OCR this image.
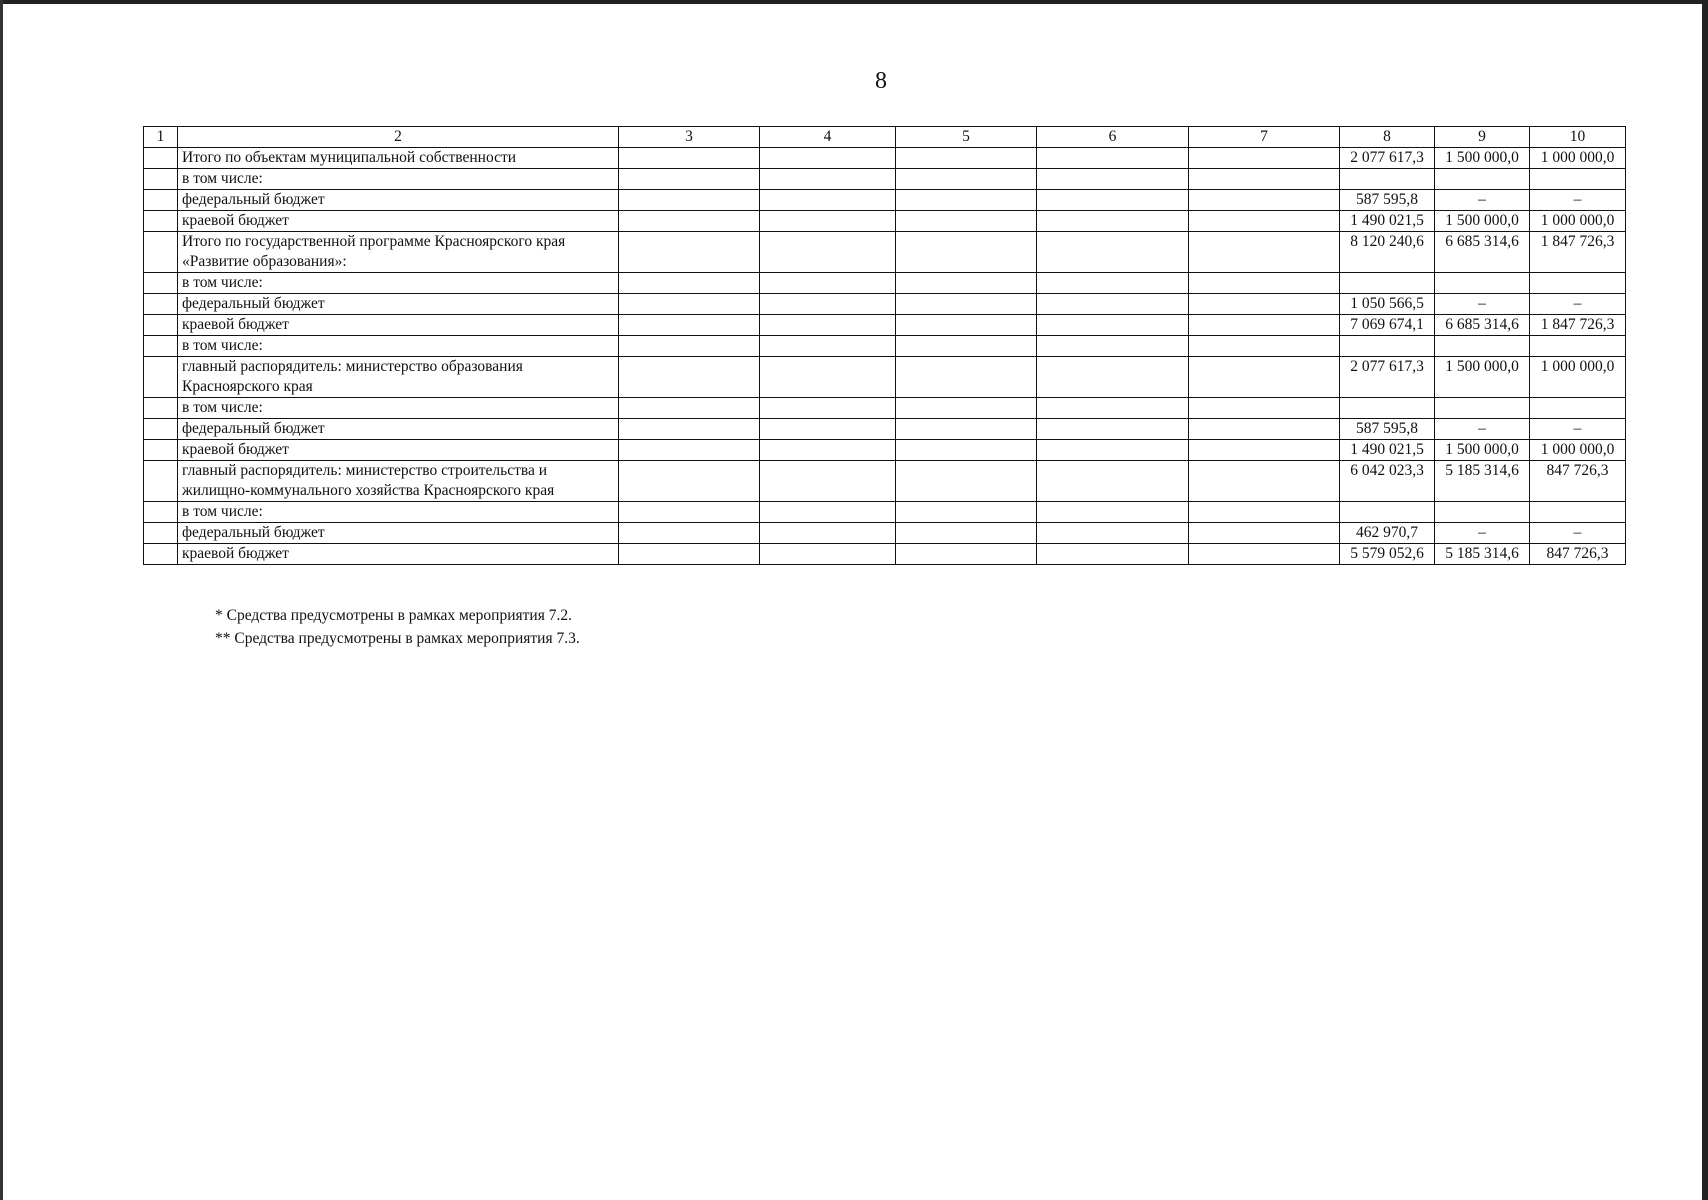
8
1	2	3	4	5	6	7	8	9	10
	Итого по объектам муниципальной собственности						2 077 617,3	1 500 000,0	1 000 000,0
	в том числе:								
	федеральный бюджет						587 595,8	–	–
	краевой бюджет						1 490 021,5	1 500 000,0	1 000 000,0
	Итого по государственной программе Красноярского края «Развитие образования»:						8 120 240,6	6 685 314,6	1 847 726,3
	в том числе:								
	федеральный бюджет						1 050 566,5	–	–
	краевой бюджет						7 069 674,1	6 685 314,6	1 847 726,3
	в том числе:								
	главный распорядитель: министерство образования Красноярского края						2 077 617,3	1 500 000,0	1 000 000,0
	в том числе:								
	федеральный бюджет						587 595,8	–	–
	краевой бюджет						1 490 021,5	1 500 000,0	1 000 000,0
	главный распорядитель: министерство строительства и жилищно-коммунального хозяйства Красноярского края						6 042 023,3	5 185 314,6	847 726,3
	в том числе:								
	федеральный бюджет						462 970,7	–	–
	краевой бюджет						5 579 052,6	5 185 314,6	847 726,3
* Средства предусмотрены в рамках мероприятия 7.2.
** Средства предусмотрены в рамках мероприятия 7.3.
